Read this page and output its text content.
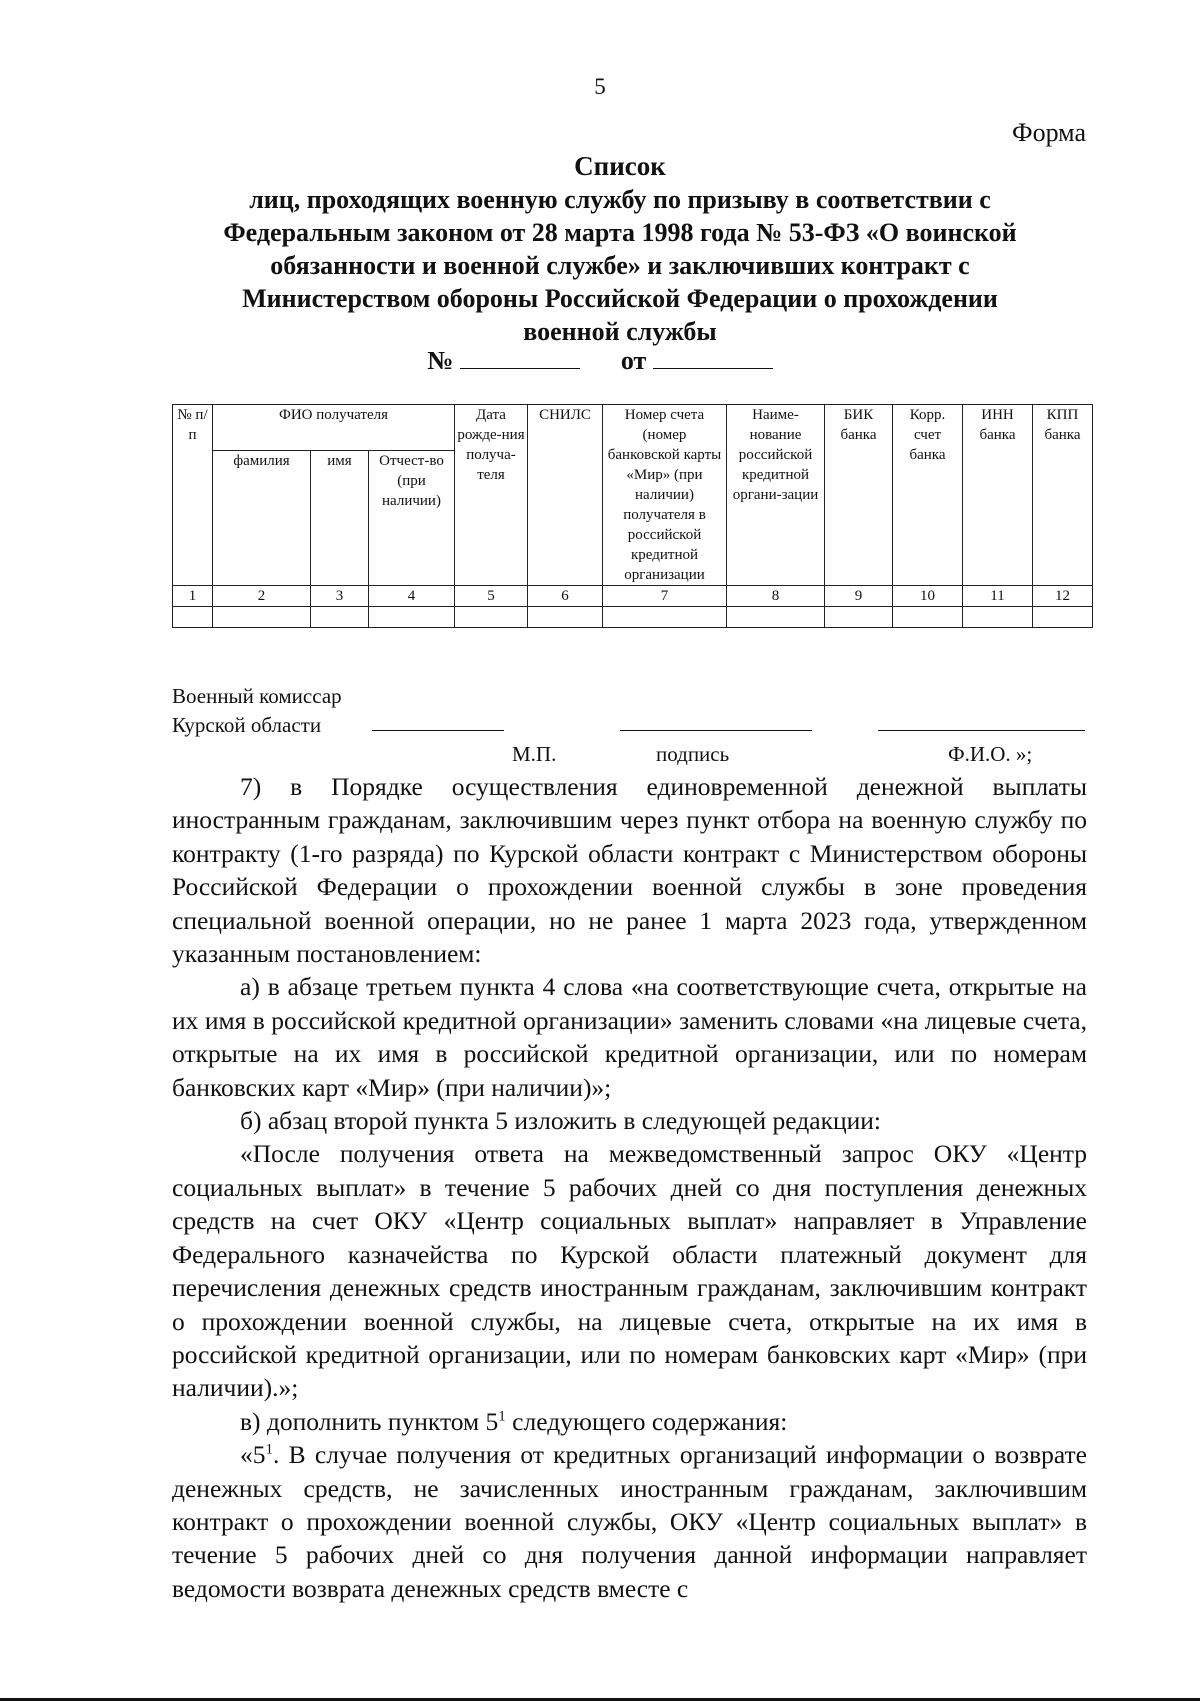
5
Форма
Список
лиц, проходящих военную службу по призыву в соответствии с
Федеральным законом от 28 марта 1998 года № 53-ФЗ «О воинской
обязанности и военной службе» и заключивших контракт с
Министерством обороны Российской Федерации о прохождении
военной службы
№	от
№ п/п	ФИО получателя			Дата рожде-ния получа-теля	СНИЛС	Номер счета (номер банковской карты «Мир» (при наличии) получателя в российской кредитной организации	Наиме-нование российской кредитной органи-зации	БИК банка	Корр. счет банка	ИНН банка	КПП банка
	фамилия	имя	Отчест-во (при наличии)								
1	2	3	4	5	6	7	8	9	10	11	12

Военный комиссар
Курской области
М.П.	подпись	Ф.И.О. »;

7) в Порядке осуществления единовременной денежной выплаты иностранным гражданам, заключившим через пункт отбора на военную службу по контракту (1-го разряда) по Курской области контракт с Министерством обороны Российской Федерации о прохождении военной службы в зоне проведения специальной военной операции, но не ранее 1 марта 2023 года, утвержденном указанным постановлением:

а) в абзаце третьем пункта 4 слова «на соответствующие счета, открытые на их имя в российской кредитной организации» заменить словами «на лицевые счета, открытые на их имя в российской кредитной организации, или по номерам банковских карт «Мир» (при наличии)»;

б) абзац второй пункта 5 изложить в следующей редакции:

«После получения ответа на межведомственный запрос ОКУ «Центр социальных выплат» в течение 5 рабочих дней со дня поступления денежных средств на счет ОКУ «Центр социальных выплат» направляет в Управление Федерального казначейства по Курской области платежный документ для перечисления денежных средств иностранным гражданам, заключившим контракт о прохождении военной службы, на лицевые счета, открытые на их имя в российской кредитной организации, или по номерам банковских карт «Мир» (при наличии).»;

в) дополнить пунктом $5^1$ следующего содержания:

«$5^1$. В случае получения от кредитных организаций информации о возврате денежных средств, не зачисленных иностранным гражданам, заключившим контракт о прохождении военной службы, ОКУ «Центр социальных выплат» в течение 5 рабочих дней со дня получения данной информации направляет ведомости возврата денежных средств вместе с
